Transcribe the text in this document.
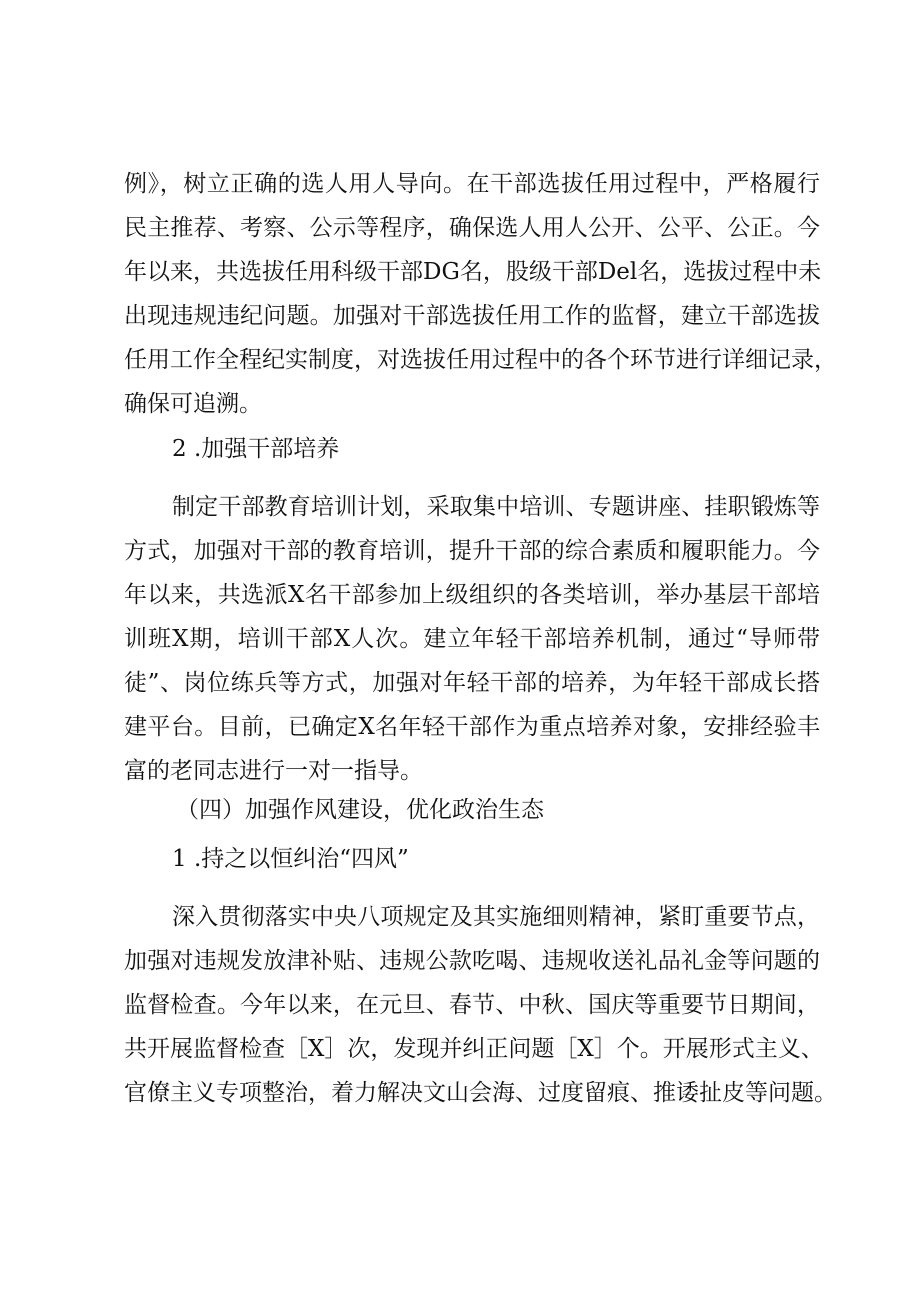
例》，树立正确的选人用人导向。在干部选拔任用过程中，严格履行
民主推荐、考察、公示等程序，确保选人用人公开、公平、公正。今
年以来，共选拔任用科级干部DG名，股级干部Del名，选拔过程中未
出现违规违纪问题。加强对干部选拔任用工作的监督，建立干部选拔
任用工作全程纪实制度，对选拔任用过程中的各个环节进行详细记录，
确保可追溯。
2 .加强干部培养
制定干部教育培训计划，采取集中培训、专题讲座、挂职锻炼等
方式，加强对干部的教育培训，提升干部的综合素质和履职能力。今
年以来，共选派X名干部参加上级组织的各类培训，举办基层干部培
训班X期，培训干部X人次。建立年轻干部培养机制，通过“导师带
徒”、岗位练兵等方式，加强对年轻干部的培养，为年轻干部成长搭
建平台。目前，已确定X名年轻干部作为重点培养对象，安排经验丰
富的老同志进行一对一指导。
（四）加强作风建设，优化政治生态
1 .持之以恒纠治“四风”
深入贯彻落实中央八项规定及其实施细则精神，紧盯重要节点，
加强对违规发放津补贴、违规公款吃喝、违规收送礼品礼金等问题的
监督检查。今年以来，在元旦、春节、中秋、国庆等重要节日期间，
共开展监督检查［X］次，发现并纠正问题［X］个。开展形式主义、
官僚主义专项整治，着力解决文山会海、过度留痕、推诿扯皮等问题。
